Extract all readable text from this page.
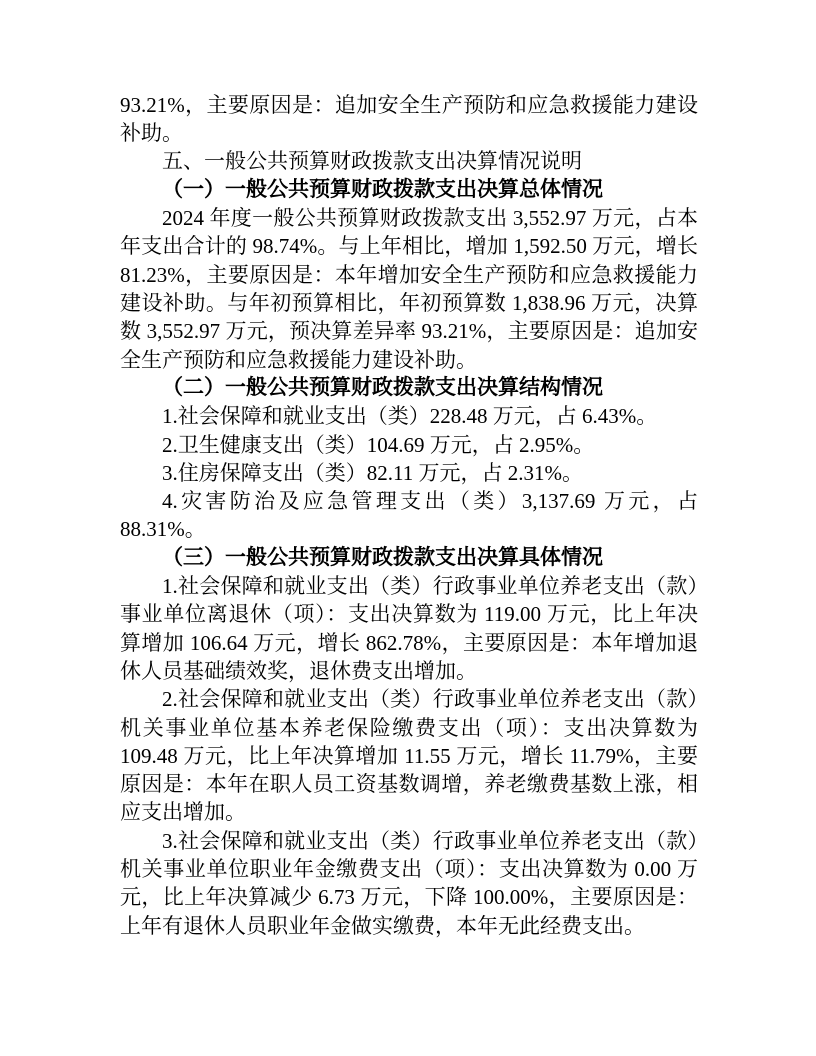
93.21%，主要原因是：追加安全生产预防和应急救援能力建设补助。

五、一般公共预算财政拨款支出决算情况说明

（一）一般公共预算财政拨款支出决算总体情况

2024 年度一般公共预算财政拨款支出 3,552.97 万元，占本年支出合计的 98.74%。与上年相比，增加 1,592.50 万元，增长 81.23%，主要原因是：本年增加安全生产预防和应急救援能力建设补助。与年初预算相比，年初预算数 1,838.96 万元，决算数 3,552.97 万元，预决算差异率 93.21%，主要原因是：追加安全生产预防和应急救援能力建设补助。

（二）一般公共预算财政拨款支出决算结构情况

1.社会保障和就业支出（类）228.48 万元，占 6.43%。

2.卫生健康支出（类）104.69 万元，占 2.95%。

3.住房保障支出（类）82.11 万元，占 2.31%。

4.灾害防治及应急管理支出（类）3,137.69 万元，占 88.31%。

（三）一般公共预算财政拨款支出决算具体情况

1.社会保障和就业支出（类）行政事业单位养老支出（款）事业单位离退休（项）：支出决算数为 119.00 万元，比上年决算增加 106.64 万元，增长 862.78%，主要原因是：本年增加退休人员基础绩效奖，退休费支出增加。

2.社会保障和就业支出（类）行政事业单位养老支出（款）机关事业单位基本养老保险缴费支出（项）：支出决算数为 109.48 万元，比上年决算增加 11.55 万元，增长 11.79%，主要原因是：本年在职人员工资基数调增，养老缴费基数上涨，相应支出增加。

3.社会保障和就业支出（类）行政事业单位养老支出（款）机关事业单位职业年金缴费支出（项）：支出决算数为 0.00 万元，比上年决算减少 6.73 万元，下降 100.00%，主要原因是：上年有退休人员职业年金做实缴费，本年无此经费支出。
